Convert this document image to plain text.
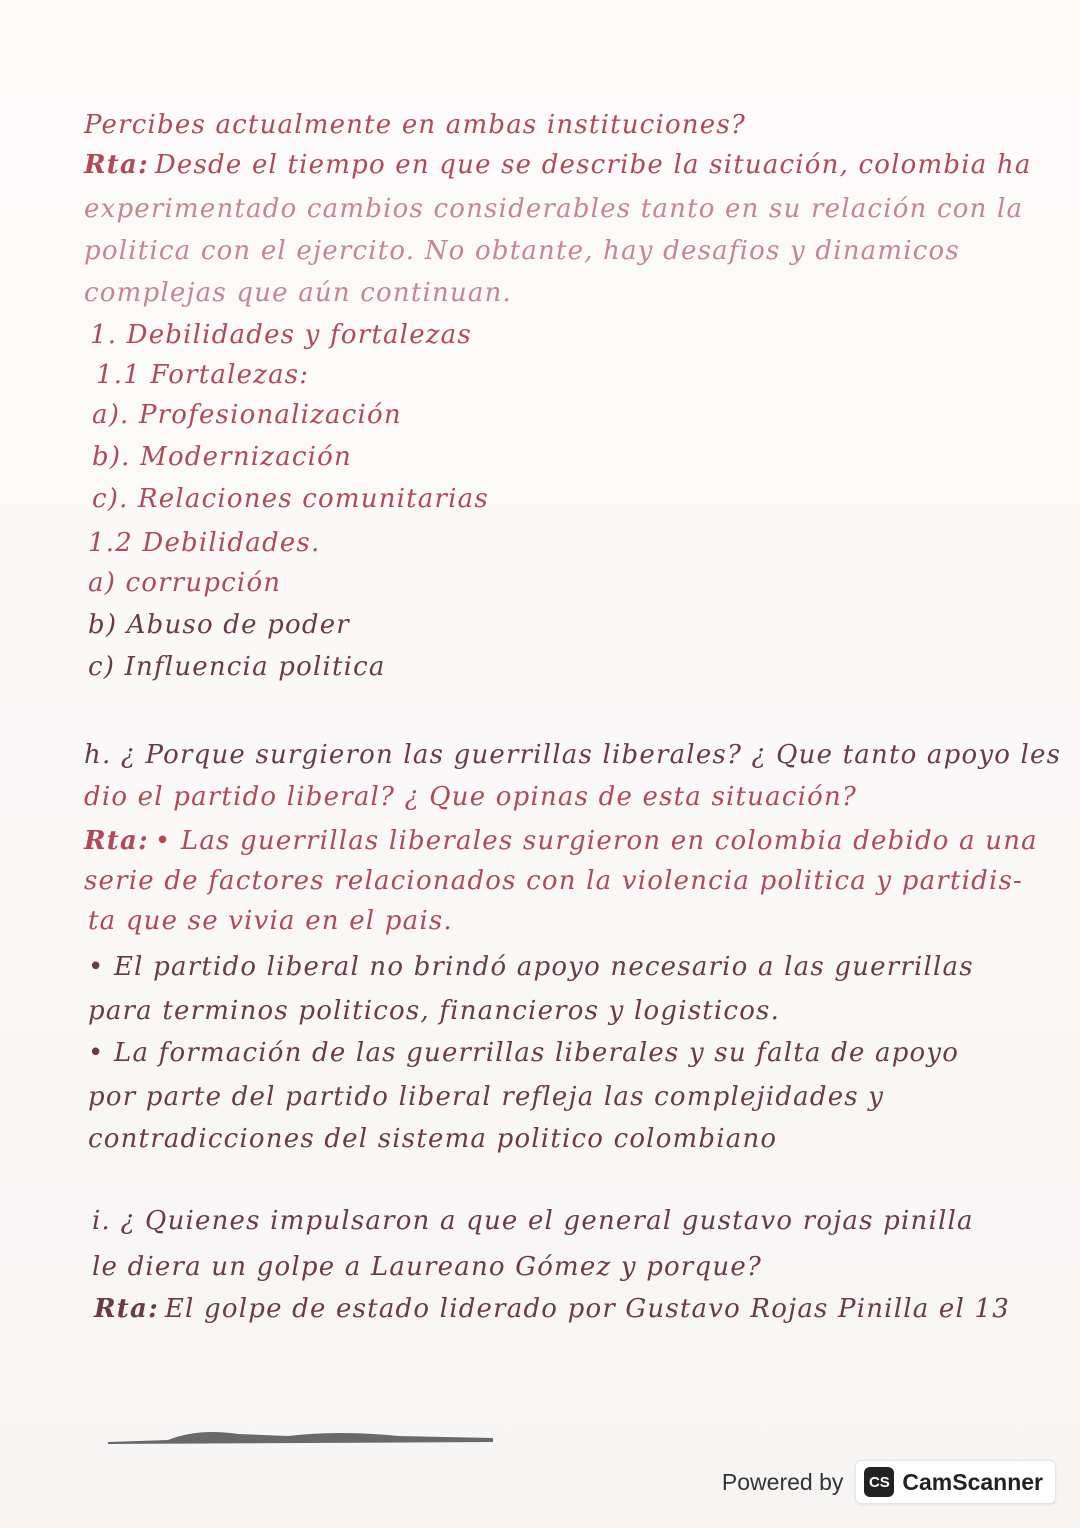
Percibes actualmente en ambas instituciones?
Rta: Desde el tiempo en que se describe la situación, colombia ha
experimentado cambios considerables tanto en su relación con la
politica con el ejercito. No obtante, hay desafios y dinamicos
complejas que aún continuan.
1. Debilidades y fortalezas
1.1 Fortalezas:
a). Profesionalización
b). Modernización
c). Relaciones comunitarias
1.2 Debilidades.
a) corrupción
b) Abuso de poder
c) Influencia politica
h. ¿ Porque surgieron las guerrillas liberales? ¿ Que tanto apoyo les
dio el partido liberal? ¿ Que opinas de esta situación?
Rta: • Las guerrillas liberales surgieron en colombia debido a una
serie de factores relacionados con la violencia politica y partidis-
ta que se vivia en el pais.
• El partido liberal no brindó apoyo necesario a las guerrillas
para terminos politicos, financieros y logisticos.
• La formación de las guerrillas liberales y su falta de apoyo
por parte del partido liberal refleja las complejidades y
contradicciones del sistema politico colombiano
i. ¿ Quienes impulsaron a que el general gustavo rojas pinilla
le diera un golpe a Laureano Gómez y porque?
Rta: El golpe de estado liderado por Gustavo Rojas Pinilla el 13
Powered by	CS CamScanner
